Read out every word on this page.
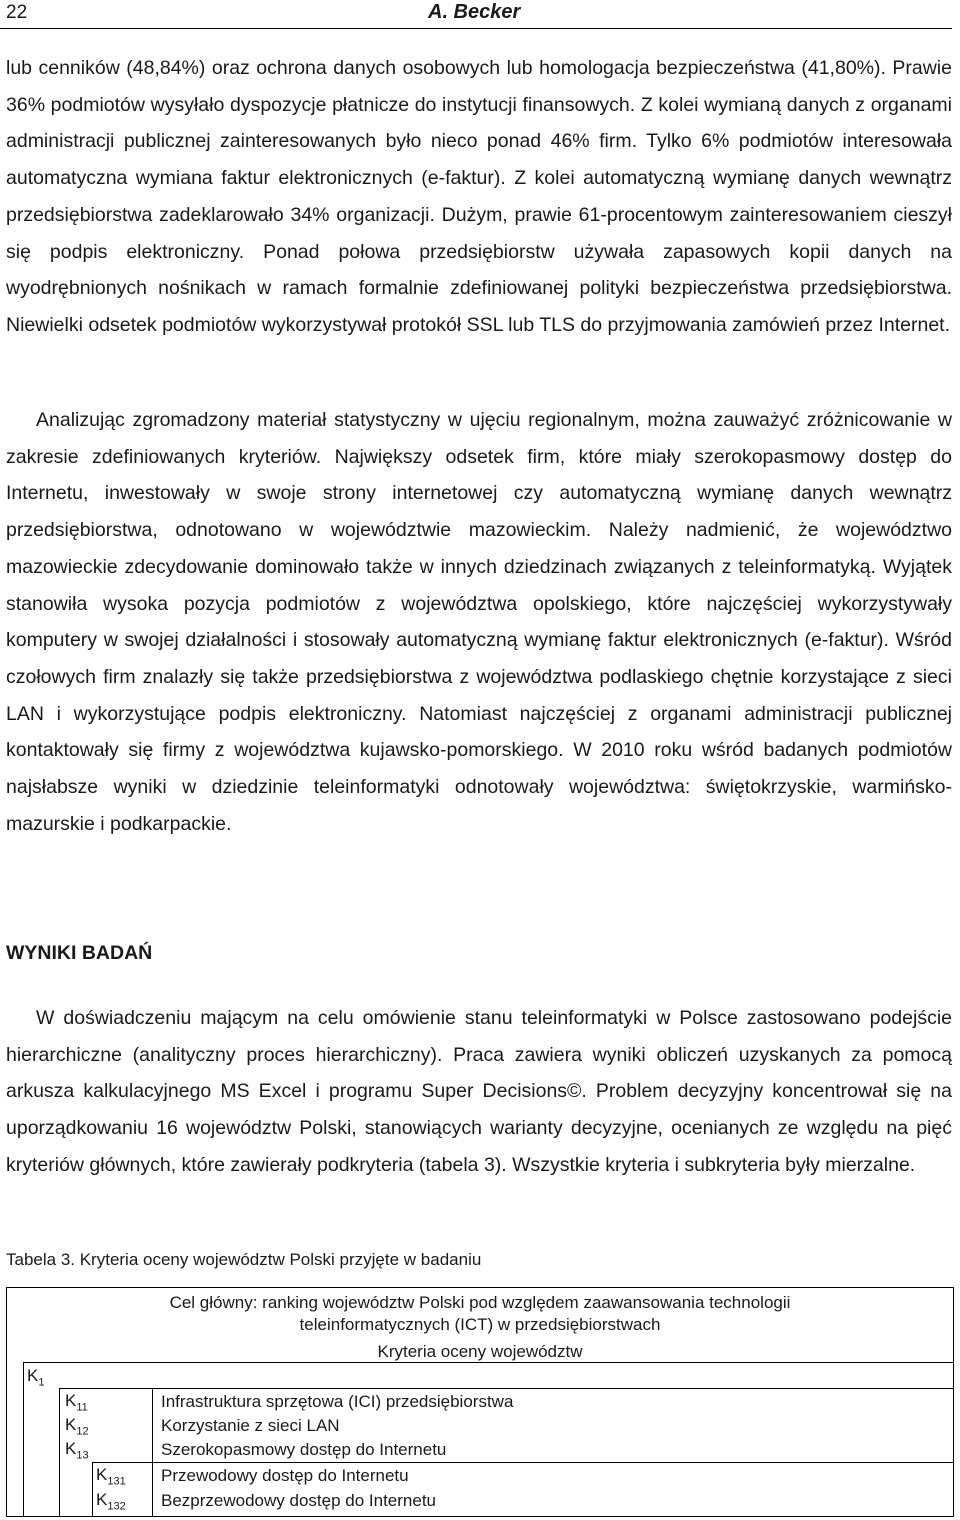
22	A. Becker
lub cenników (48,84%) oraz ochrona danych osobowych lub homologacja bezpieczeństwa (41,80%). Prawie 36% podmiotów wysyłało dyspozycje płatnicze do instytucji finansowych. Z kolei wymianą danych z organami administracji publicznej zainteresowanych było nieco ponad 46% firm. Tylko 6% podmiotów interesowała automatyczna wymiana faktur elektronicznych (e-faktur). Z kolei automatyczną wymianę danych wewnątrz przedsiębiorstwa zadeklarowało 34% organizacji. Dużym, prawie 61-procentowym zainteresowaniem cieszył się podpis elektroniczny. Ponad połowa przedsiębiorstw używała zapasowych kopii danych na wyodrębnionych nośnikach w ramach formalnie zdefiniowanej polityki bezpieczeństwa przedsiębiorstwa. Niewielki odsetek podmiotów wykorzystywał protokół SSL lub TLS do przyjmowania zamówień przez Internet.
Analizując zgromadzony materiał statystyczny w ujęciu regionalnym, można zauważyć zróżnicowanie w zakresie zdefiniowanych kryteriów. Największy odsetek firm, które miały szerokopasmowy dostęp do Internetu, inwestowały w swoje strony internetowej czy automatyczną wymianę danych wewnątrz przedsiębiorstwa, odnotowano w województwie mazowieckim. Należy nadmienić, że województwo mazowieckie zdecydowanie dominowało także w innych dziedzinach związanych z teleinformatyką. Wyjątek stanowiła wysoka pozycja podmiotów z województwa opolskiego, które najczęściej wykorzystywały komputery w swojej działalności i stosowały automatyczną wymianę faktur elektronicznych (e-faktur). Wśród czołowych firm znalazły się także przedsiębiorstwa z województwa podlaskiego chętnie korzystające z sieci LAN i wykorzystujące podpis elektroniczny. Natomiast najczęściej z organami administracji publicznej kontaktowały się firmy z województwa kujawsko-pomorskiego. W 2010 roku wśród badanych podmiotów najsłabsze wyniki w dziedzinie teleinformatyki odnotowały województwa: świętokrzyskie, warmińsko-mazurskie i podkarpackie.
WYNIKI BADAŃ
W doświadczeniu mającym na celu omówienie stanu teleinformatyki w Polsce zastosowano podejście hierarchiczne (analityczny proces hierarchiczny). Praca zawiera wyniki obliczeń uzyskanych za pomocą arkusza kalkulacyjnego MS Excel i programu Super Decisions©. Problem decyzyjny koncentrował się na uporządkowaniu 16 województw Polski, stanowiących warianty decyzyjne, ocenianych ze względu na pięć kryteriów głównych, które zawierały podkryteria (tabela 3). Wszystkie kryteria i subkryteria były mierzalne.
Tabela 3. Kryteria oceny województw Polski przyjęte w badaniu
Cel główny: ranking województw Polski pod względem zaawansowania technologii
teleinformatycznych (ICT) w przedsiębiorstwach
Kryteria oceny województw
$K_1$
$K_{11}$	Infrastruktura sprzętowa (ICI) przedsiębiorstwa
$K_{12}$	Korzystanie z sieci LAN
$K_{13}$	Szerokopasmowy dostęp do Internetu
$K_{131}$ Przewodowy dostęp do Internetu
$K_{132}$ Bezprzewodowy dostęp do Internetu
